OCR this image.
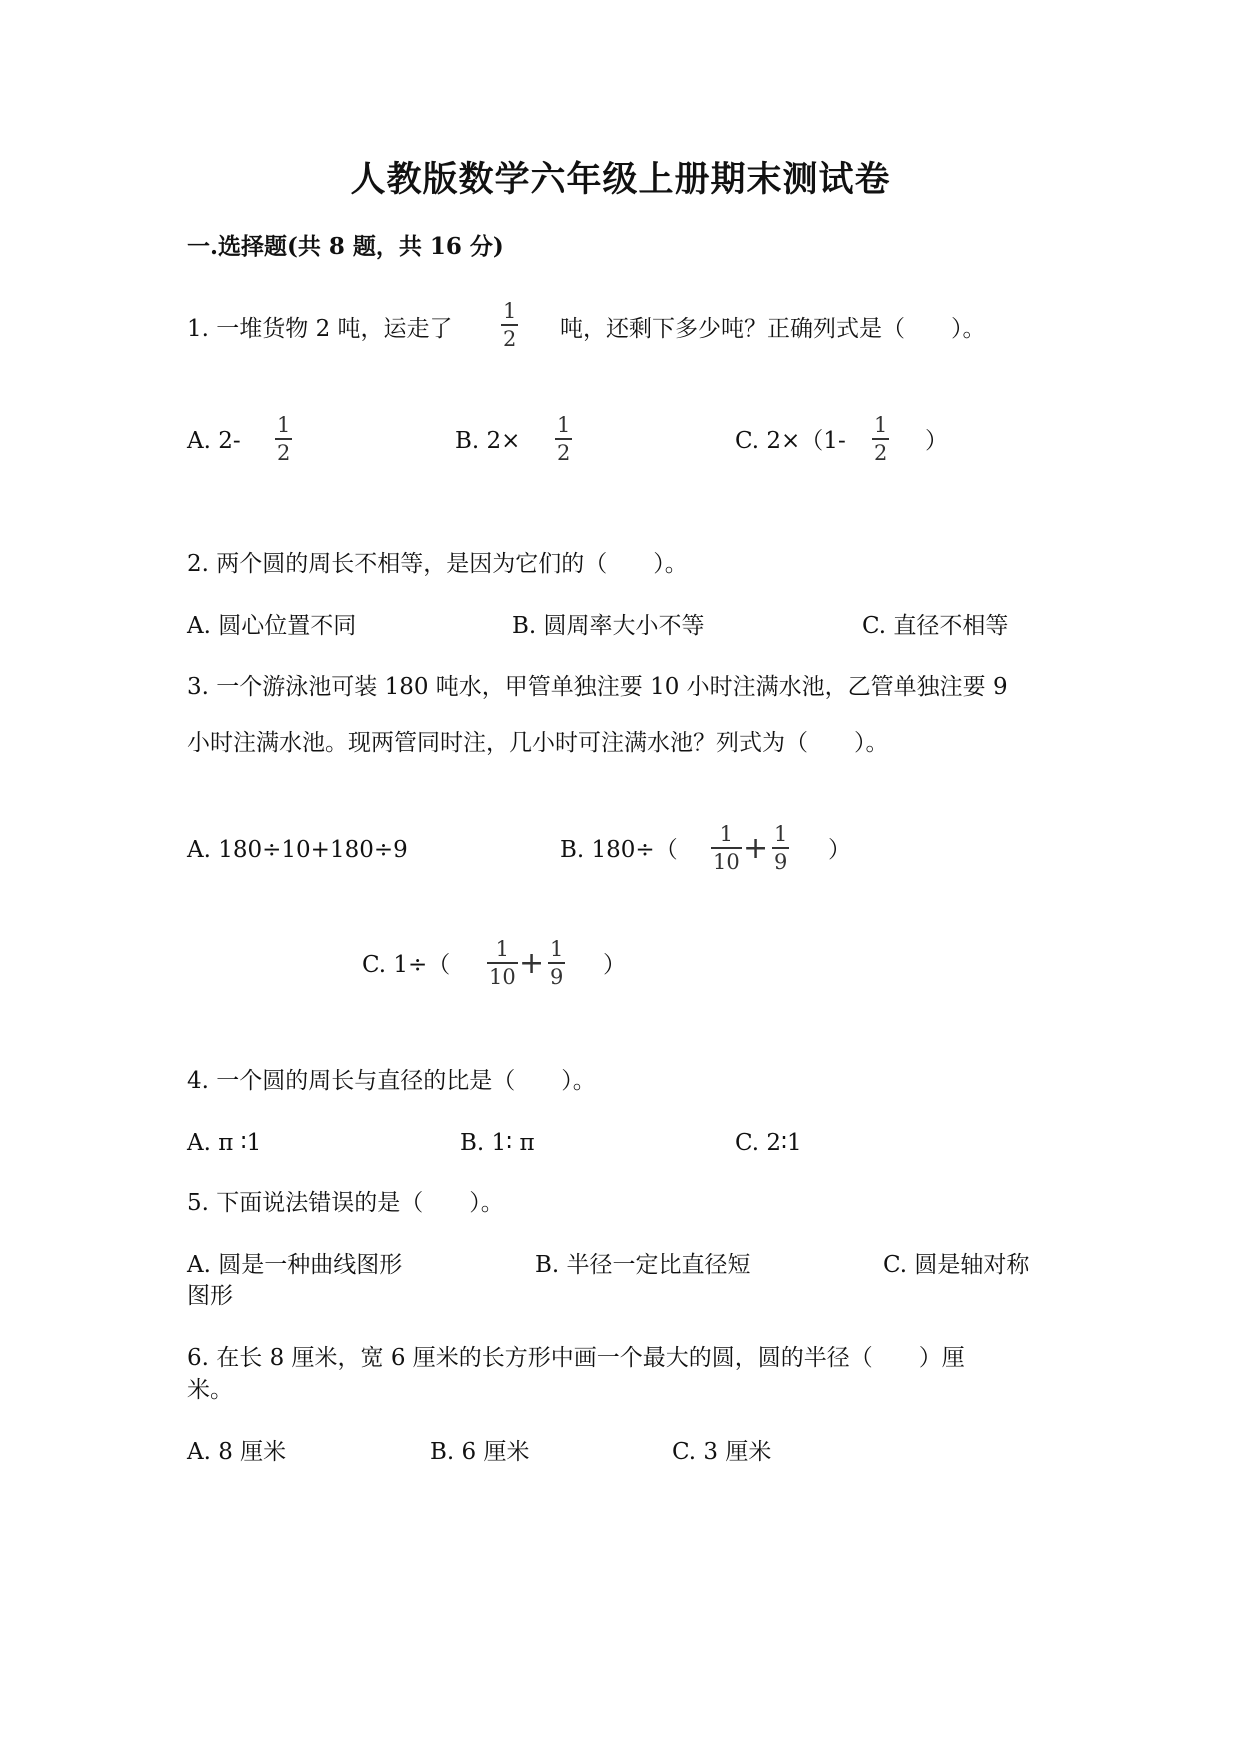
人教版数学六年级上册期末测试卷
一.选择题(共 8 题，共 16 分)
1. 一堆货物 2 吨，运走了
1
2 吨，还剩下多少吨？正确列式是（　　）。
A. 2-
1
2	B. 2×
1
2	C. 2×（1-
1
2 ）
2. 两个圆的周长不相等，是因为它们的（　　）。
A. 圆心位置不同	B. 圆周率大小不等	C. 直径不相等
3. 一个游泳池可装 180 吨水，甲管单独注要 10 小时注满水池，乙管单独注要 9
小时注满水池。现两管同时注，几小时可注满水池？列式为（　　）。
A. 180÷10+180÷9	B. 180÷（
1
10 + 1
9 ）
C. 1÷（
1
10 + 1
9 ）
4. 一个圆的周长与直径的比是（　　）。
A. π ∶1	B. 1∶ π	C. 2∶1
5. 下面说法错误的是（　　）。
A. 圆是一种曲线图形	B. 半径一定比直径短	C. 圆是轴对称
图形
6. 在长 8 厘米，宽 6 厘米的长方形中画一个最大的圆，圆的半径（　　）厘
米。
A. 8 厘米	B. 6 厘米	C. 3 厘米
